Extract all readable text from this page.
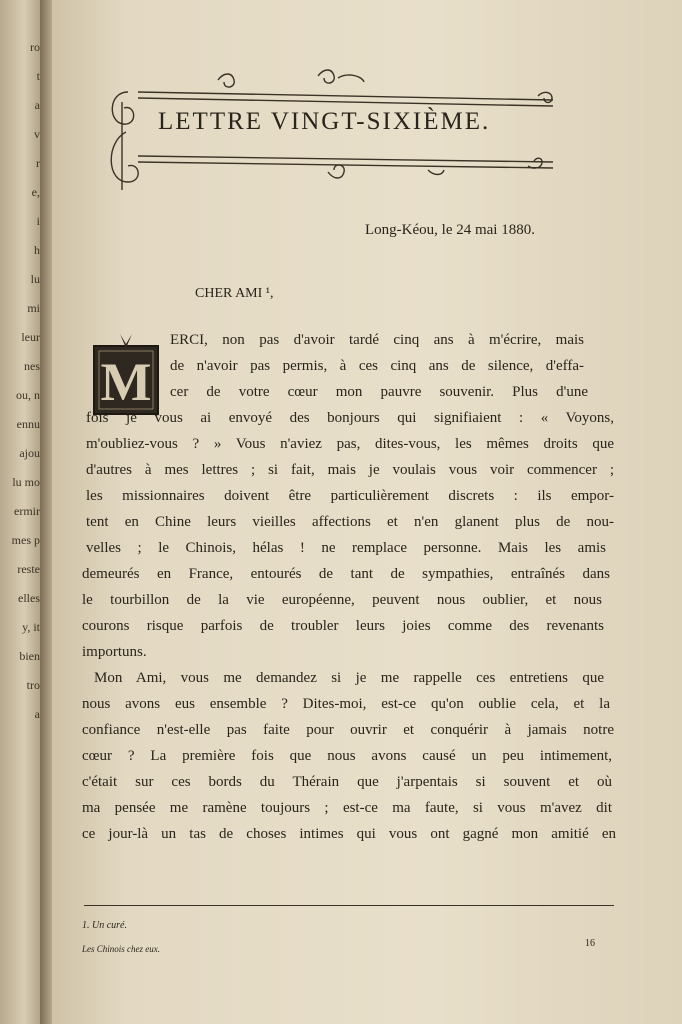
ro
t
a
v
r
e,
i
h
lu
mi
leur
nes
ou, n
ennu
ajou
lu mo
ermir
mes p
reste
elles
y, it
bien
tro
a
LETTRE VINGT-SIXIÈME.
Long-Kéou, le 24 mai 1880.
CHER AMI ¹,
M
ERCI, non pas d'avoir tardé cinq ans à m'écrire, mais
de n'avoir pas permis, à ces cinq ans de silence, d'effa-
cer de votre cœur mon pauvre souvenir. Plus d'une
fois je vous ai envoyé des bonjours qui signifiaient : « Voyons,
m'oubliez-vous ? » Vous n'aviez pas, dites-vous, les mêmes droits que
d'autres à mes lettres ; si fait, mais je voulais vous voir commencer ;
les missionnaires doivent être particulièrement discrets : ils empor-
tent en Chine leurs vieilles affections et n'en glanent plus de nou-
velles ; le Chinois, hélas ! ne remplace personne. Mais les amis
demeurés en France, entourés de tant de sympathies, entraînés dans
le tourbillon de la vie européenne, peuvent nous oublier, et nous
courons risque parfois de troubler leurs joies comme des revenants
importuns.
Mon Ami, vous me demandez si je me rappelle ces entretiens que
nous avons eus ensemble ? Dites-moi, est-ce qu'on oublie cela, et la
confiance n'est-elle pas faite pour ouvrir et conquérir à jamais notre
cœur ? La première fois que nous avons causé un peu intimement,
c'était sur ces bords du Thérain que j'arpentais si souvent et où
ma pensée me ramène toujours ; est-ce ma faute, si vous m'avez dit
ce jour-là un tas de choses intimes qui vous ont gagné mon amitié en
1. Un curé.
Les Chinois chez eux.	16
